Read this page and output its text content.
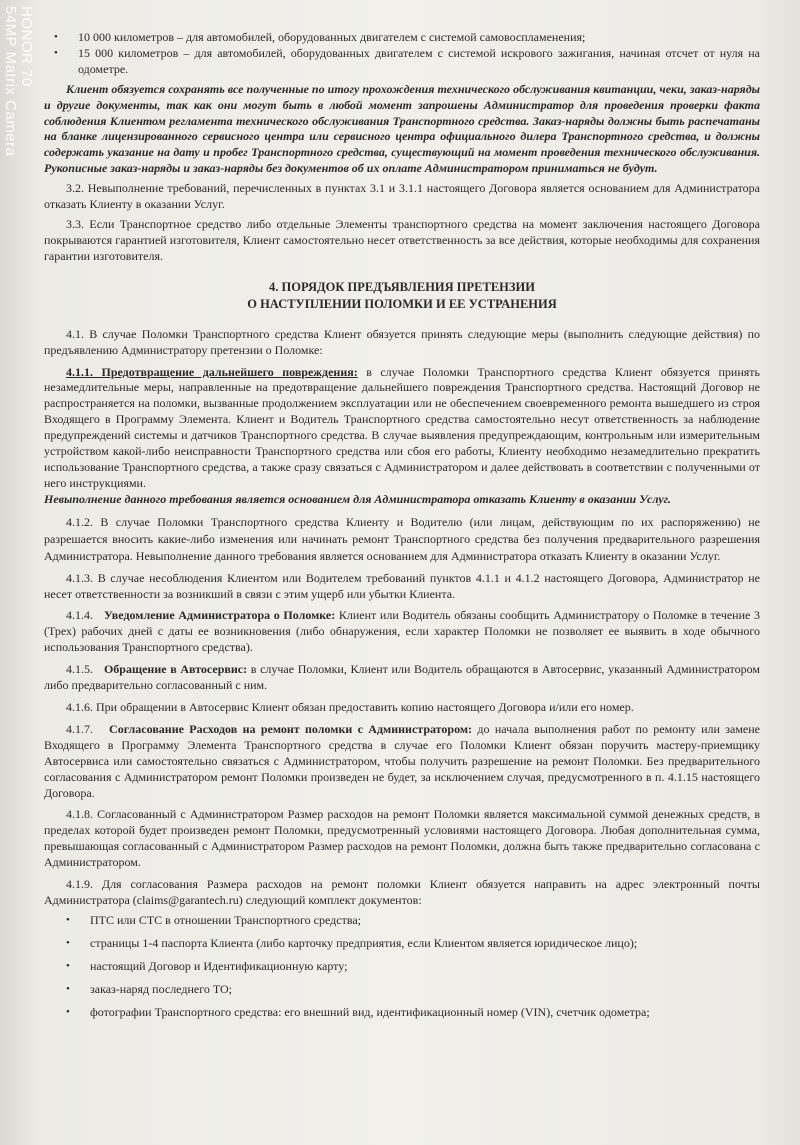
HONOR 70
54MP Matrix Camera
•	10 000 километров – для автомобилей, оборудованных двигателем с системой самовоспламенения;
•	15 000 километров – для автомобилей, оборудованных двигателем с системой искрового зажигания, начиная отсчет от нуля на одометре.

Клиент обязуется сохранять все полученные по итогу прохождения технического обслуживания квитанции, чеки, заказ-наряды и другие документы, так как они могут быть в любой момент запрошены Администратор для проведения проверки факта соблюдения Клиентом регламента технического обслуживания Транспортного средства. Заказ-наряды должны быть распечатаны на бланке лицензированного сервисного центра или сервисного центра официального дилера Транспортного средства, и должны содержать указание на дату и пробег Транспортного средства, существующий на момент проведения технического обслуживания. Рукописные заказ-наряды и заказ-наряды без документов об их оплате Администратором приниматься не будут.

3.2. Невыполнение требований, перечисленных в пунктах 3.1 и 3.1.1 настоящего Договора является основанием для Администратора отказать Клиенту в оказании Услуг.

3.3. Если Транспортное средство либо отдельные Элементы транспортного средства на момент заключения настоящего Договора покрываются гарантией изготовителя, Клиент самостоятельно несет ответственность за все действия, которые необходимы для сохранения гарантии изготовителя.

4. ПОРЯДОК ПРЕДЪЯВЛЕНИЯ ПРЕТЕНЗИИ
О НАСТУПЛЕНИИ ПОЛОМКИ И ЕЕ УСТРАНЕНИЯ

4.1. В случае Поломки Транспортного средства Клиент обязуется принять следующие меры (выполнить следующие действия) по предъявлению Администратору претензии о Поломке:

4.1.1. Предотвращение дальнейшего повреждения: в случае Поломки Транспортного средства Клиент обязуется принять незамедлительные меры, направленные на предотвращение дальнейшего повреждения Транспортного средства. Настоящий Договор не распространяется на поломки, вызванные продолжением эксплуатации или не обеспечением своевременного ремонта вышедшего из строя Входящего в Программу Элемента. Клиент и Водитель Транспортного средства самостоятельно несут ответственность за наблюдение предупреждений системы и датчиков Транспортного средства. В случае выявления предупреждающим, контрольным или измерительным устройством какой-либо неисправности Транспортного средства или сбоя его работы, Клиенту необходимо незамедлительно прекратить использование Транспортного средства, а также сразу связаться с Администратором и далее действовать в соответствии с полученными от него инструкциями.

Невыполнение данного требования является основанием для Администратора отказать Клиенту в оказании Услуг.

4.1.2. В случае Поломки Транспортного средства Клиенту и Водителю (или лицам, действующим по их распоряжению) не разрешается вносить какие-либо изменения или начинать ремонт Транспортного средства без получения предварительного разрешения Администратора. Невыполнение данного требования является основанием для Администратора отказать Клиенту в оказании Услуг.

4.1.3. В случае несоблюдения Клиентом или Водителем требований пунктов 4.1.1 и 4.1.2 настоящего Договора, Администратор не несет ответственности за возникший в связи с этим ущерб или убытки Клиента.

4.1.4. Уведомление Администратора о Поломке: Клиент или Водитель обязаны сообщить Администратору о Поломке в течение 3 (Трех) рабочих дней с даты ее возникновения (либо обнаружения, если характер Поломки не позволяет ее выявить в ходе обычного использования Транспортного средства).

4.1.5. Обращение в Автосервис: в случае Поломки, Клиент или Водитель обращаются в Автосервис, указанный Администратором либо предварительно согласованный с ним.

4.1.6. При обращении в Автосервис Клиент обязан предоставить копию настоящего Договора и/или его номер.

4.1.7. Согласование Расходов на ремонт поломки с Администратором: до начала выполнения работ по ремонту или замене Входящего в Программу Элемента Транспортного средства в случае его Поломки Клиент обязан поручить мастеру-приемщику Автосервиса или самостоятельно связаться с Администратором, чтобы получить разрешение на ремонт Поломки. Без предварительного согласования с Администратором ремонт Поломки произведен не будет, за исключением случая, предусмотренного в п. 4.1.15 настоящего Договора.

4.1.8. Согласованный с Администратором Размер расходов на ремонт Поломки является максимальной суммой денежных средств, в пределах которой будет произведен ремонт Поломки, предусмотренный условиями настоящего Договора. Любая дополнительная сумма, превышающая согласованный с Администратором Размер расходов на ремонт Поломки, должна быть также предварительно согласована с Администратором.

4.1.9. Для согласования Размера расходов на ремонт поломки Клиент обязуется направить на адрес электронный почты Администратора (claims@garantech.ru) следующий комплект документов:

•	ПТС или СТС в отношении Транспортного средства;
•	страницы 1-4 паспорта Клиента (либо карточку предприятия, если Клиентом является юридическое лицо);
•	настоящий Договор и Идентификационную карту;
•	заказ-наряд последнего ТО;
•	фотографии Транспортного средства: его внешний вид, идентификационный номер (VIN), счетчик одометра;
